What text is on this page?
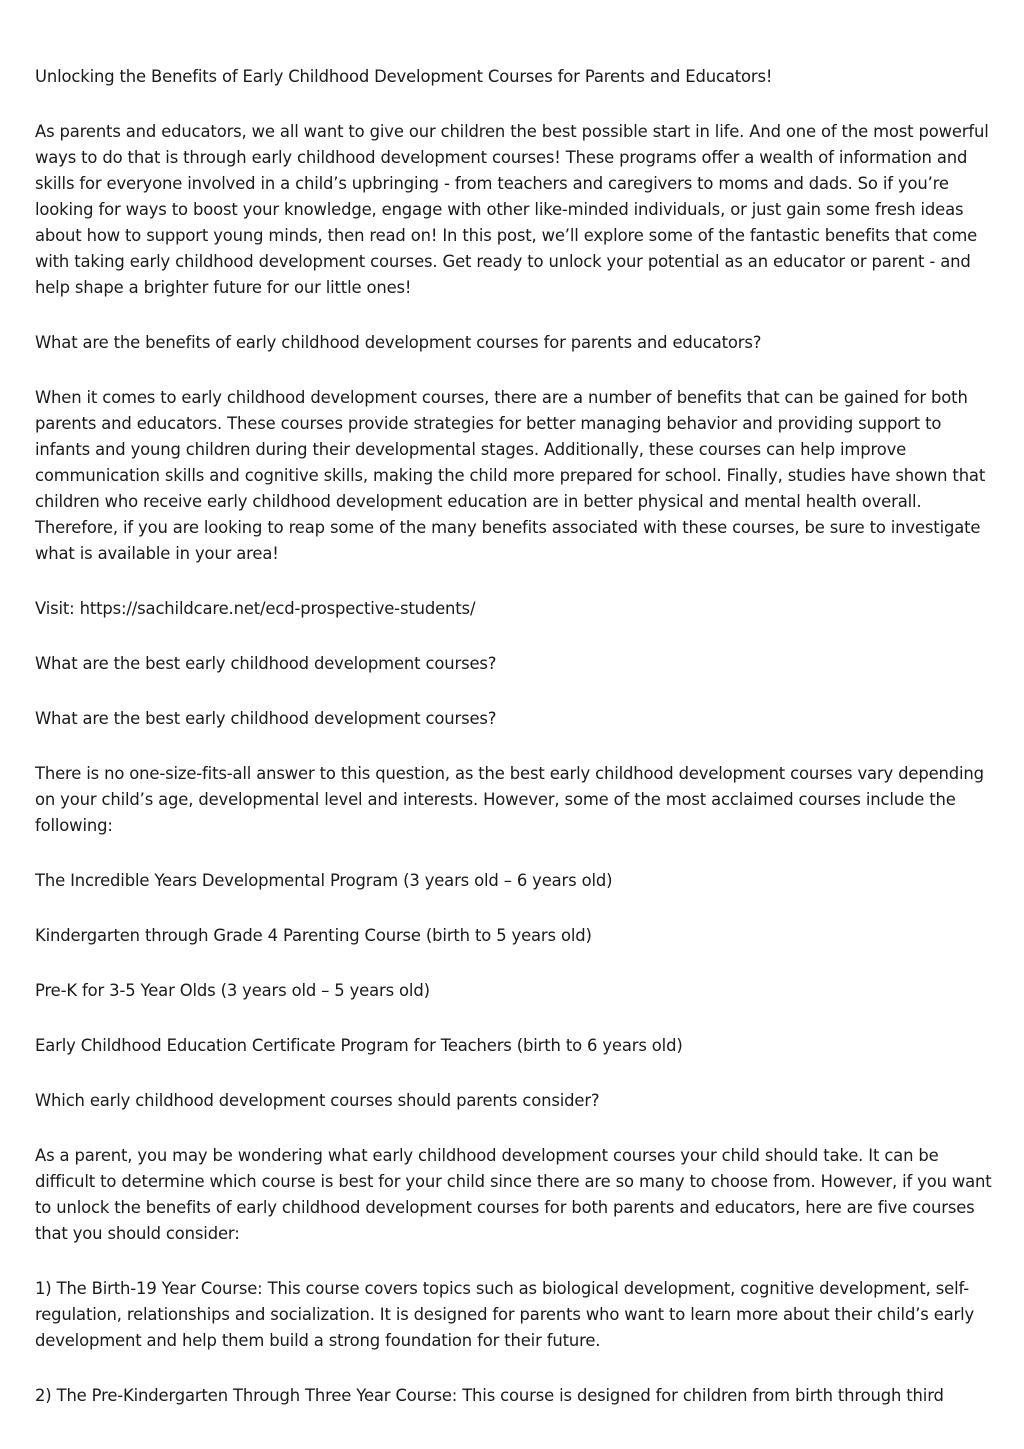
Unlocking the Benefits of Early Childhood Development Courses for Parents and Educators!

As parents and educators, we all want to give our children the best possible start in life. And one of the most powerful ways to do that is through early childhood development courses! These programs offer a wealth of information and skills for everyone involved in a child’s upbringing - from teachers and caregivers to moms and dads. So if you’re looking for ways to boost your knowledge, engage with other like-minded individuals, or just gain some fresh ideas about how to support young minds, then read on! In this post, we’ll explore some of the fantastic benefits that come with taking early childhood development courses. Get ready to unlock your potential as an educator or parent - and help shape a brighter future for our little ones!

What are the benefits of early childhood development courses for parents and educators?

When it comes to early childhood development courses, there are a number of benefits that can be gained for both parents and educators. These courses provide strategies for better managing behavior and providing support to infants and young children during their developmental stages. Additionally, these courses can help improve communication skills and cognitive skills, making the child more prepared for school. Finally, studies have shown that children who receive early childhood development education are in better physical and mental health overall. Therefore, if you are looking to reap some of the many benefits associated with these courses, be sure to investigate what is available in your area!

Visit: https://sachildcare.net/ecd-prospective-students/

What are the best early childhood development courses?

What are the best early childhood development courses?

There is no one-size-fits-all answer to this question, as the best early childhood development courses vary depending on your child’s age, developmental level and interests. However, some of the most acclaimed courses include the following:

The Incredible Years Developmental Program (3 years old – 6 years old)

Kindergarten through Grade 4 Parenting Course (birth to 5 years old)

Pre-K for 3-5 Year Olds (3 years old – 5 years old)

Early Childhood Education Certificate Program for Teachers (birth to 6 years old)

Which early childhood development courses should parents consider?

As a parent, you may be wondering what early childhood development courses your child should take. It can be difficult to determine which course is best for your child since there are so many to choose from. However, if you want to unlock the benefits of early childhood development courses for both parents and educators, here are five courses that you should consider:

1) The Birth-19 Year Course: This course covers topics such as biological development, cognitive development, self-regulation, relationships and socialization. It is designed for parents who want to learn more about their child’s early development and help them build a strong foundation for their future.

2) The Pre-Kindergarten Through Three Year Course: This course is designed for children from birth through third
